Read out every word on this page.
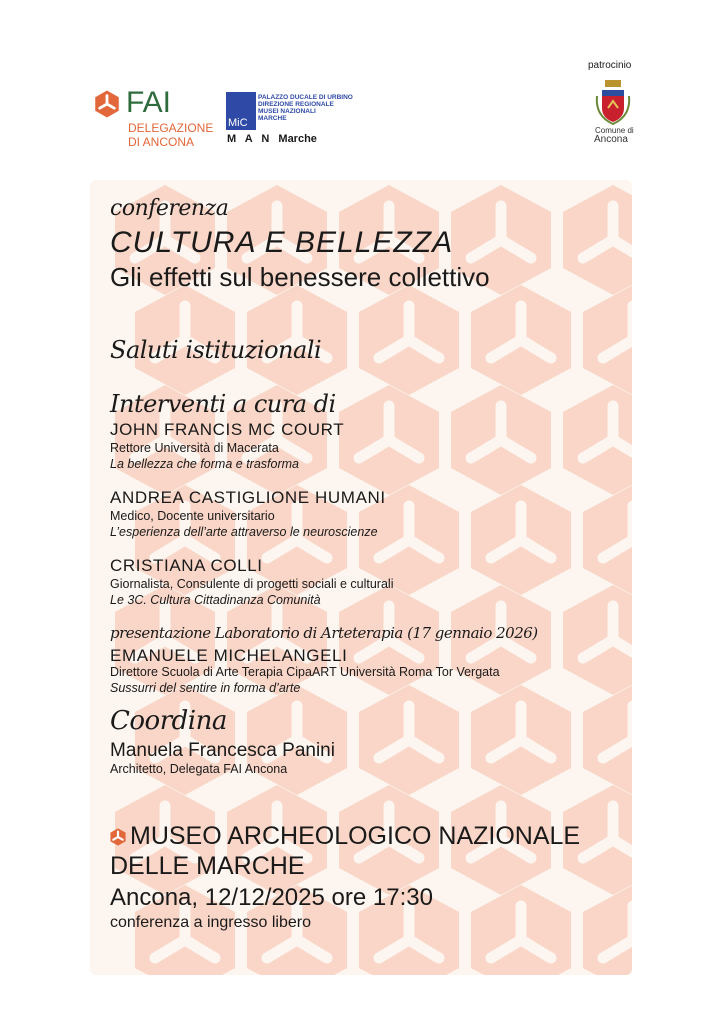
FAI
DELEGAZIONE
DI ANCONA
MiC
PALAZZO DUCALE DI URBINO
DIREZIONE REGIONALE
MUSEI NAZIONALI
MARCHE
M A N Marche
patrocinio
Comune di
Ancona
conferenza
CULTURA E BELLEZZA
Gli effetti sul benessere collettivo
Saluti istituzionali
Interventi a cura di
JOHN FRANCIS MC COURT
Rettore Università di Macerata
La bellezza che forma e trasforma
ANDREA CASTIGLIONE HUMANI
Medico, Docente universitario
L’esperienza dell’arte attraverso le neuroscienze
CRISTIANA COLLI
Giornalista, Consulente di progetti sociali e culturali
Le 3C. Cultura Cittadinanza Comunità
presentazione Laboratorio di Arteterapia (17 gennaio 2026)
EMANUELE MICHELANGELI
Direttore Scuola di Arte Terapia CipaART Università Roma Tor Vergata
Sussurri del sentire in forma d’arte
Coordina
Manuela Francesca Panini
Architetto, Delegata FAI Ancona
MUSEO ARCHEOLOGICO NAZIONALE
DELLE MARCHE
Ancona, 12/12/2025 ore 17:30
conferenza a ingresso libero
